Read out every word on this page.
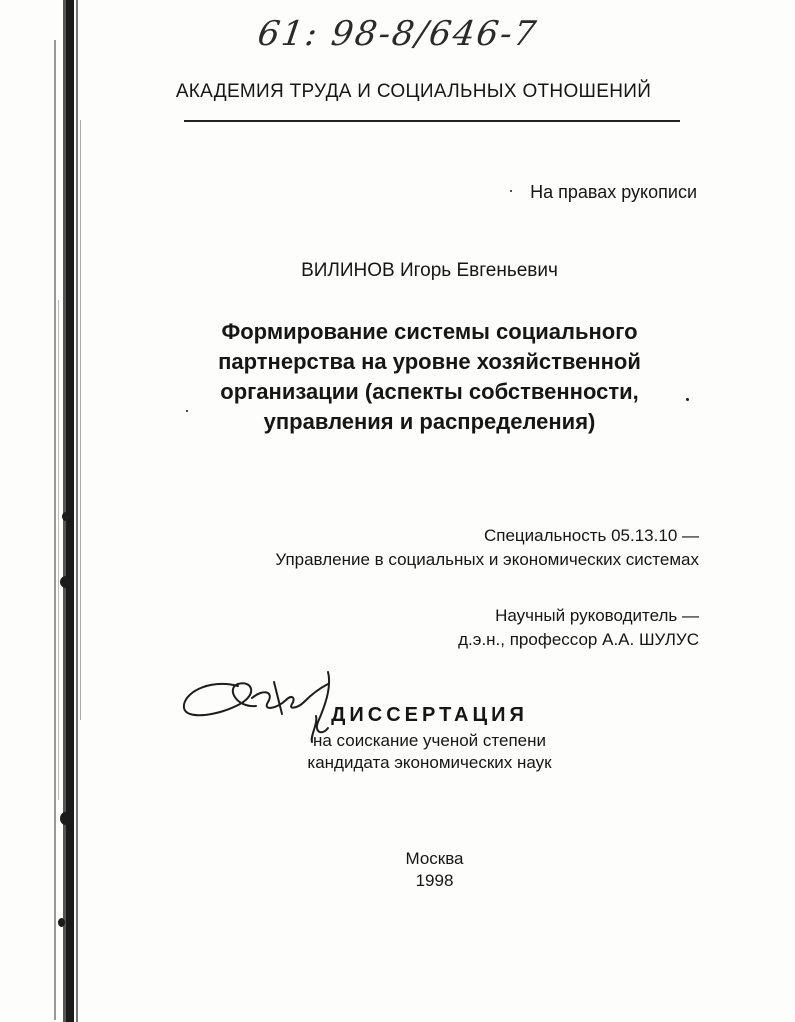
61: 98-8/646-7
АКАДЕМИЯ ТРУДА И СОЦИАЛЬНЫХ ОТНОШЕНИЙ
На правах рукописи
ВИЛИНОВ Игорь Евгеньевич
Формирование системы социального
партнерства на уровне хозяйственной
организации (аспекты собственности,
управления и распределения)
Специальность 05.13.10 —
Управление в социальных и экономических системах
Научный руководитель —
д.э.н., профессор А.А. ШУЛУС
ДИССЕРТАЦИЯ
на соискание ученой степени
кандидата экономических наук
Москва
1998
